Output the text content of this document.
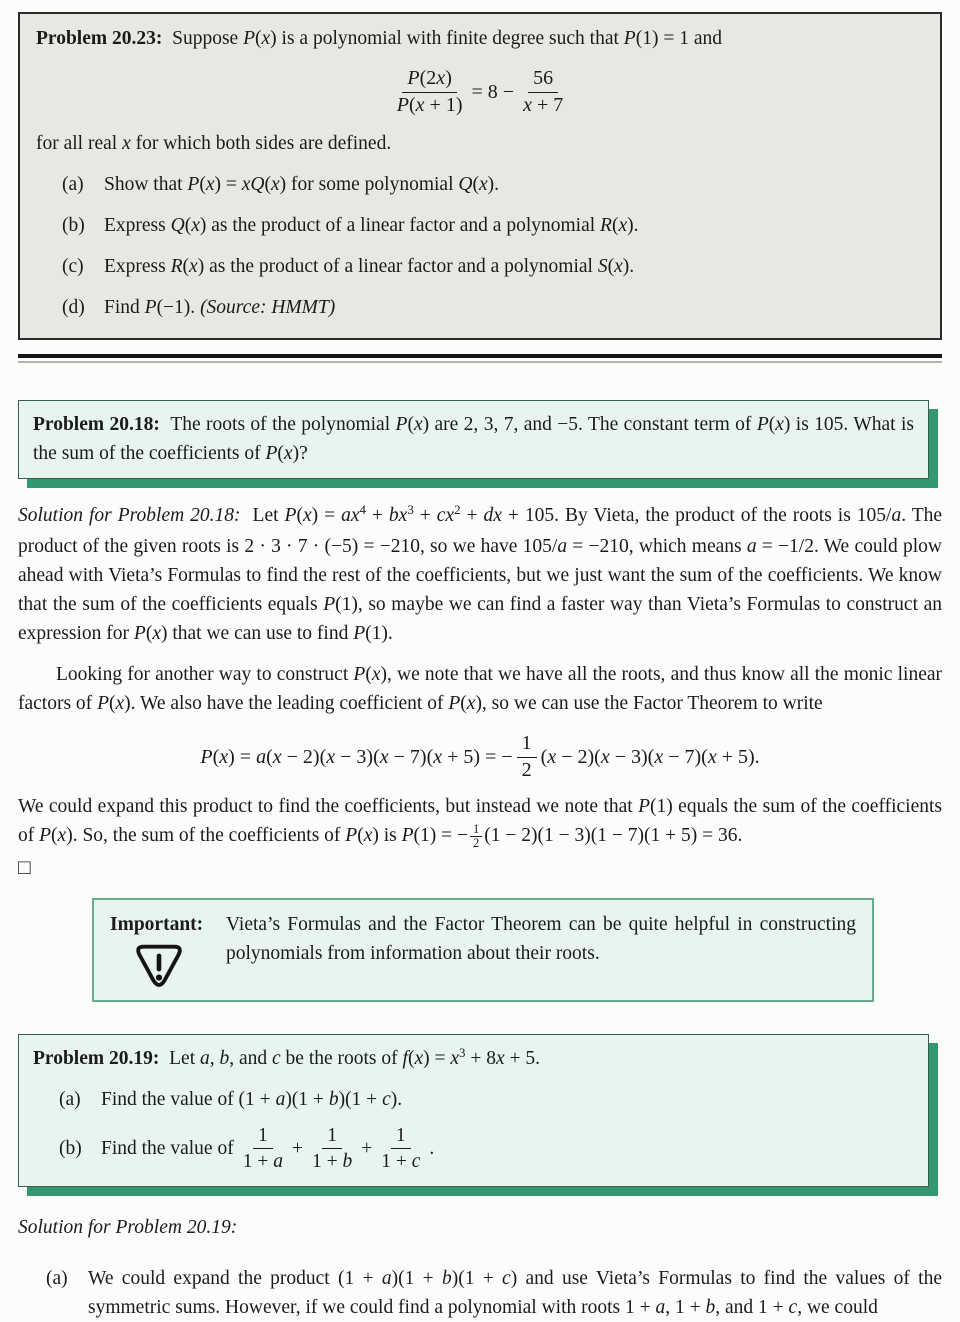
Problem 20.23:  Suppose P(x) is a polynomial with finite degree such that P(1) = 1 and
$\frac{P(2x)}{P(x + 1)} = 8 - \frac{56}{x + 7}$
for all real x for which both sides are defined.
(a)	Show that P(x) = xQ(x) for some polynomial Q(x).
(b) Express Q(x) as the product of a linear factor and a polynomial R(x).
(c)	Express R(x) as the product of a linear factor and a polynomial S(x).
(d) Find P(−1). (Source: HMMT)
Problem 20.18:  The roots of the polynomial P(x) are 2, 3, 7, and −5. The constant term of P(x) is 105. What is the sum of the coefficients of P(x)?

Solution for Problem 20.18:  Let $P(x) = ax^4 + bx^3 + cx^2$ + dx + 105. By Vieta, the product of the roots is 105/a. The product of the given roots is 2 · 3 · 7 · (−5) = −210, so we have 105/a = −210, which means a = −1/2. We could plow ahead with Vieta’s Formulas to find the rest of the coefficients, but we just want the sum of the coefficients. We know that the sum of the coefficients equals P(1), so maybe we can find a faster way than Vieta’s Formulas to construct an expression for P(x) that we can use to find P(1).

Looking for another way to construct P(x), we note that we have all the roots, and thus know all the monic linear factors of P(x). We also have the leading coefficient of P(x), so we can use the Factor Theorem to write

P(x) = a(x − 2)(x − 3)(x − 7)(x + 5) = − $\frac{1}{2} (x - 2)(x - 3)(x - 7)(x + 5)$.

We could expand this product to find the coefficients, but instead we note that P(1) equals the sum of the coefficients of P(x). So, the sum of the coefficients of P(x) is P(1) = − $\frac{1}{2} (1 - 2)(1 - 3)(1 - 7)(1 + 5) = 36$.

□
Important: Vieta’s Formulas and the Factor Theorem can be quite helpful in constructing polynomials from information about their roots.
Problem 20.19:  Let a, b, and c be the roots of $f(x) = x^3 + 8x + 5$.
(a)	Find the value of (1 + a)(1 + b)(1 + c).
(b) Find the value of $\frac{1}{1 + a} + \frac{1}{1 + b} + \frac{1}{1 + c}$ .

Solution for Problem 20.19:

(a)	We could expand the product (1 + a)(1 + b)(1 + c) and use Vieta’s Formulas to find the values of the symmetric sums. However, if we could find a polynomial with roots 1 + a, 1 + b, and 1 + c, we could
